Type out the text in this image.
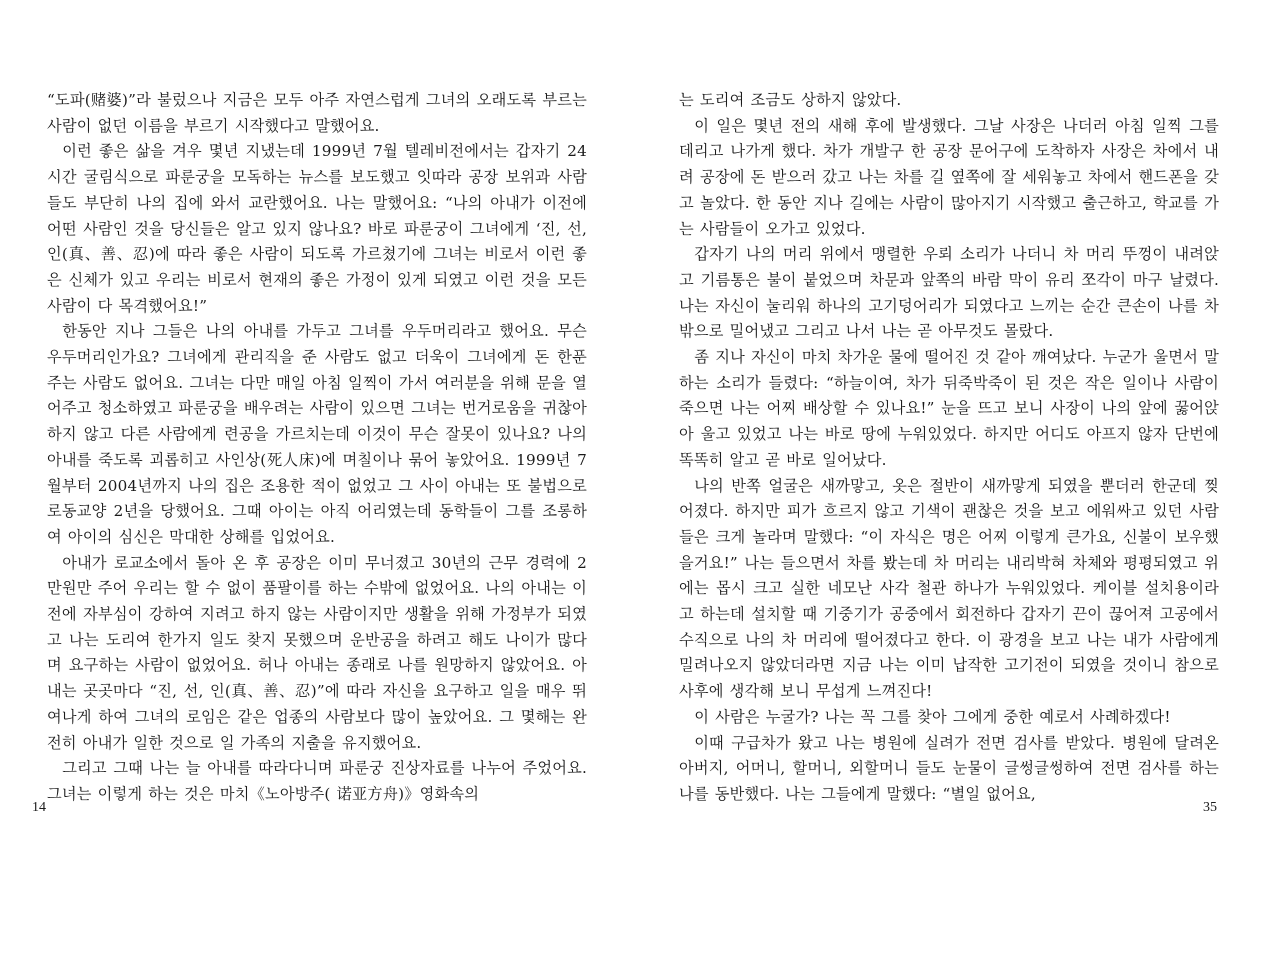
“도파(赌婆)”라 불렀으나 지금은 모두 아주 자연스럽게 그녀의 오래도록 부르는 사람이 없던 이름을 부르기 시작했다고 말했어요.

이런 좋은 삶을 겨우 몇년 지냈는데 1999년 7월 텔레비전에서는 갑자기 24시간 굴림식으로 파룬궁을 모독하는 뉴스를 보도했고 잇따라 공장 보위과 사람들도 부단히 나의 집에 와서 교란했어요. 나는 말했어요: “나의 아내가 이전에 어떤 사람인 것을 당신들은 알고 있지 않나요? 바로 파룬궁이 그녀에게 ‘진, 선, 인(真、善、忍)에 따라 좋은 사람이 되도록 가르쳤기에 그녀는 비로서 이런 좋은 신체가 있고 우리는 비로서 현재의 좋은 가정이 있게 되였고 이런 것을 모든 사람이 다 목격했어요!”

한동안 지나 그들은 나의 아내를 가두고 그녀를 우두머리라고 했어요. 무슨 우두머리인가요? 그녀에게 관리직을 준 사람도 없고 더욱이 그녀에게 돈 한푼 주는 사람도 없어요. 그녀는 다만 매일 아침 일찍이 가서 여러분을 위해 문을 열어주고 청소하였고 파룬궁을 배우려는 사람이 있으면 그녀는 번거로움을 귀찮아하지 않고 다른 사람에게 련공을 가르치는데 이것이 무슨 잘못이 있나요? 나의 아내를 죽도록 괴롭히고 사인상(死人床)에 며칠이나 묶어 놓았어요. 1999년 7월부터 2004년까지 나의 집은 조용한 적이 없었고 그 사이 아내는 또 불법으로 로동교양 2년을 당했어요. 그때 아이는 아직 어리였는데 동학들이 그를 조롱하여 아이의 심신은 막대한 상해를 입었어요.

아내가 로교소에서 돌아 온 후 공장은 이미 무너졌고 30년의 근무 경력에 2만원만 주어 우리는 할 수 없이 품팔이를 하는 수밖에 없었어요. 나의 아내는 이전에 자부심이 강하여 지려고 하지 않는 사람이지만 생활을 위해 가정부가 되였고 나는 도리여 한가지 일도 찾지 못했으며 운반공을 하려고 해도 나이가 많다며 요구하는 사람이 없었어요. 허나 아내는 종래로 나를 원망하지 않았어요. 아내는 곳곳마다 “진, 선, 인(真、善、忍)”에 따라 자신을 요구하고 일을 매우 뛰여나게 하여 그녀의 로임은 같은 업종의 사람보다 많이 높았어요. 그 몇해는 완전히 아내가 일한 것으로 일 가족의 지출을 유지했어요.

그리고 그때 나는 늘 아내를 따라다니며 파룬궁 진상자료를 나누어 주었어요. 그녀는 이렇게 하는 것은 마치《노아방주( 诺亚方舟)》영화속의

14

는 도리여 조금도 상하지 않았다.

이 일은 몇년 전의 새해 후에 발생했다. 그날 사장은 나더러 아침 일찍 그를 데리고 나가게 했다. 차가 개발구 한 공장 문어구에 도착하자 사장은 차에서 내려 공장에 돈 받으러 갔고 나는 차를 길 옆쪽에 잘 세워놓고 차에서 핸드폰을 갖고 놀았다. 한 동안 지나 길에는 사람이 많아지기 시작했고 출근하고, 학교를 가는 사람들이 오가고 있었다.

갑자기 나의 머리 위에서 맹렬한 우뢰 소리가 나더니 차 머리 뚜껑이 내려앉고 기름통은 불이 붙었으며 차문과 앞쪽의 바람 막이 유리 쪼각이 마구 날렸다. 나는 자신이 눌리워 하나의 고기덩어리가 되였다고 느끼는 순간 큰손이 나를 차 밖으로 밀어냈고 그리고 나서 나는 곧 아무것도 몰랐다.

좀 지나 자신이 마치 차가운 물에 떨어진 것 같아 깨여났다. 누군가 울면서 말하는 소리가 들렸다: “하늘이여, 차가 뒤죽박죽이 된 것은 작은 일이나 사람이 죽으면 나는 어찌 배상할 수 있나요!” 눈을 뜨고 보니 사장이 나의 앞에 꿇어앉아 울고 있었고 나는 바로 땅에 누워있었다. 하지만 어디도 아프지 않자 단번에 똑똑히 알고 곧 바로 일어났다.

나의 반쪽 얼굴은 새까맣고, 옷은 절반이 새까맣게 되였을 뿐더러 한군데 찢어졌다. 하지만 피가 흐르지 않고 기색이 괜찮은 것을 보고 에워싸고 있던 사람들은 크게 놀라며 말했다: “이 자식은 명은 어찌 이렇게 큰가요, 신불이 보우했을거요!” 나는 들으면서 차를 봤는데 차 머리는 내리박혀 차체와 평평되였고 위에는 몹시 크고 실한 네모난 사각 철관 하나가 누워있었다. 케이블 설치용이라고 하는데 설치할 때 기중기가 공중에서 회전하다 갑자기 끈이 끊어져 고공에서 수직으로 나의 차 머리에 떨어졌다고 한다. 이 광경을 보고 나는 내가 사람에게 밀려나오지 않았더라면 지금 나는 이미 납작한 고기전이 되였을 것이니 참으로 사후에 생각해 보니 무섭게 느껴진다!

이 사람은 누굴가? 나는 꼭 그를 찾아 그에게 중한 예로서 사례하겠다!

이때 구급차가 왔고 나는 병원에 실려가 전면 검사를 받았다. 병원에 달려온 아버지, 어머니, 할머니, 외할머니 들도 눈물이 글썽글썽하여 전면 검사를 하는 나를 동반했다. 나는 그들에게 말했다: “별일 없어요,

35
